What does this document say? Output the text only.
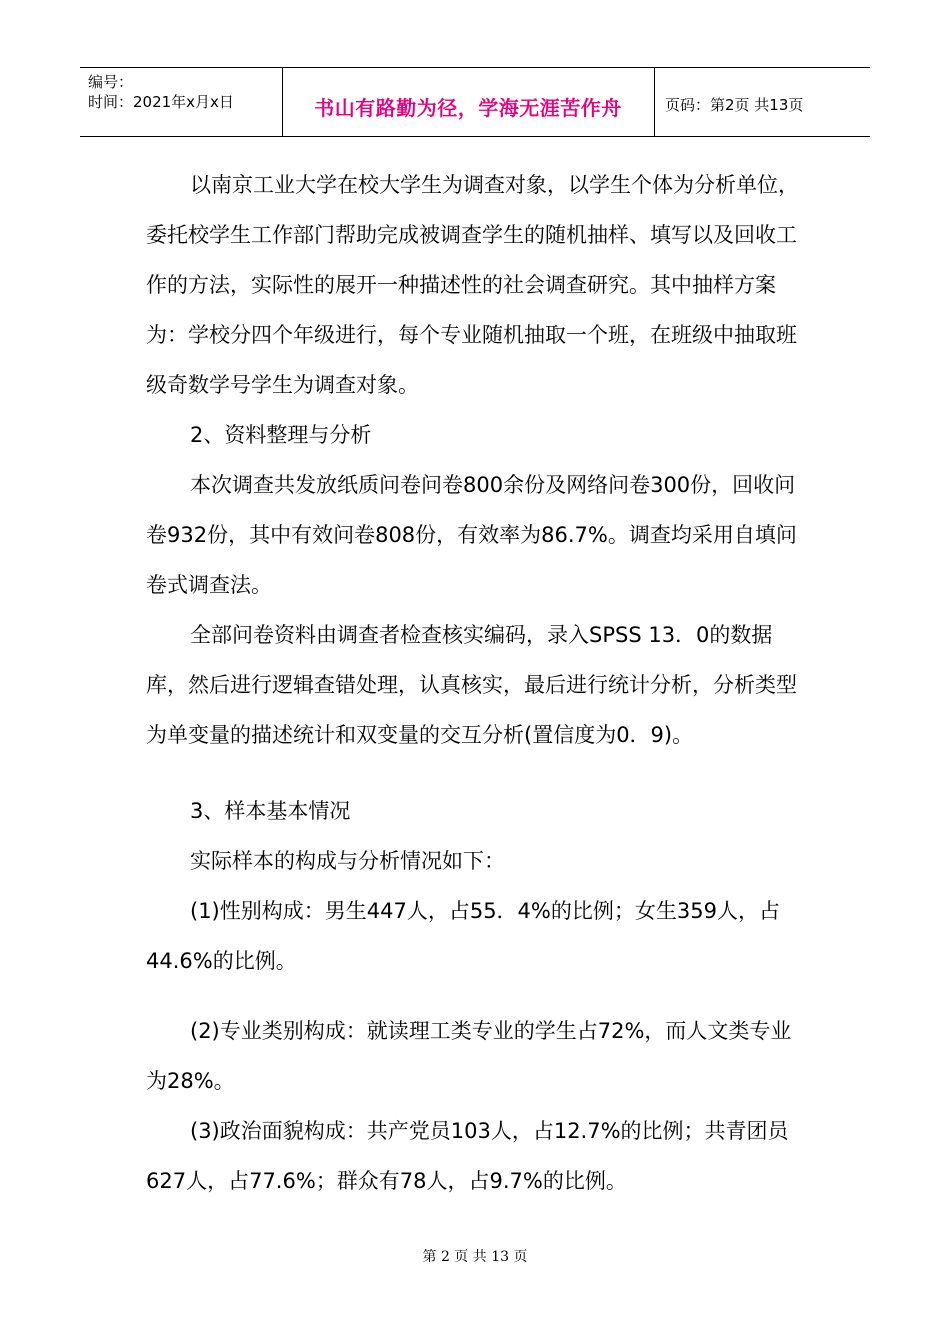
编号：
时间：2021年x月x日	书山有路勤为径，学海无涯苦作舟	页码：第2页 共13页

以南京工业大学在校大学生为调查对象，以学生个体为分析单位，委托校学生工作部门帮助完成被调查学生的随机抽样、填写以及回收工作的方法，实际性的展开一种描述性的社会调查研究。其中抽样方案为：学校分四个年级进行，每个专业随机抽取一个班，在班级中抽取班级奇数学号学生为调查对象。

2、资料整理与分析

本次调查共发放纸质问卷问卷800余份及网络问卷300份，回收问卷932份，其中有效问卷808份，有效率为86.7%。调查均采用自填问卷式调查法。

全部问卷资料由调查者检查核实编码，录入SPSS 13．0的数据库，然后进行逻辑查错处理，认真核实，最后进行统计分析，分析类型为单变量的描述统计和双变量的交互分析(置信度为0．9)。

3、样本基本情况

实际样本的构成与分析情况如下：

(1)性别构成：男生447人，占55．4%的比例；女生359人，占 44.6%的比例。

(2)专业类别构成：就读理工类专业的学生占72%，而人文类专业为28%。

(3)政治面貌构成：共产党员103人，占12.7%的比例；共青团员 627人，占77.6%；群众有78人，占9.7%的比例。

第 2 页 共 13 页
